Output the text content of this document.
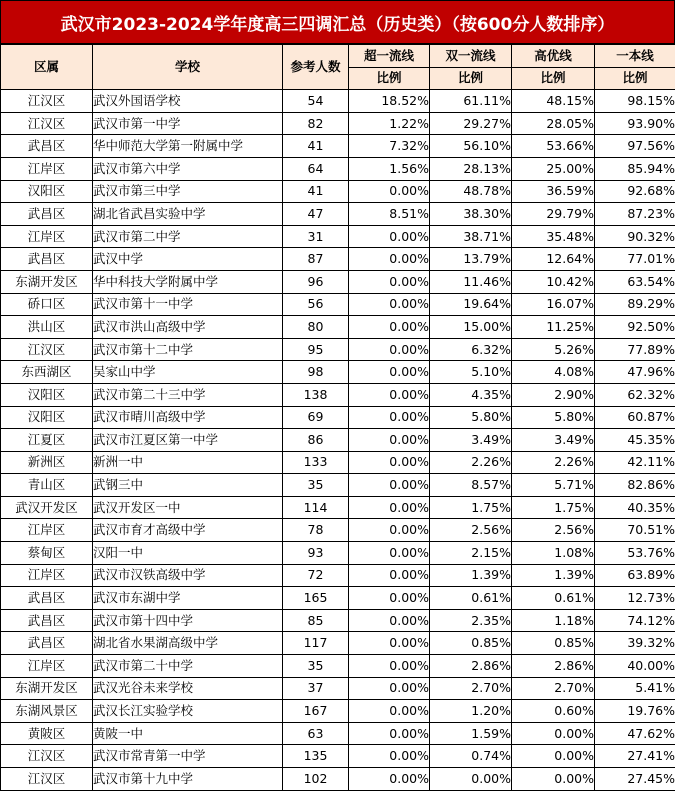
武汉市2023-2024学年度高三四调汇总（历史类）（按600分人数排序）
区属	学校	参考人数	超一流线	双一流线	高优线	一本线
			比例	比例	比例	比例
江汉区	武汉外国语学校	54	18.52%	61.11%	48.15%	98.15%
江汉区	武汉市第一中学	82	1.22%	29.27%	28.05%	93.90%
武昌区	华中师范大学第一附属中学	41	7.32%	56.10%	53.66%	97.56%
江岸区	武汉市第六中学	64	1.56%	28.13%	25.00%	85.94%
汉阳区	武汉市第三中学	41	0.00%	48.78%	36.59%	92.68%
武昌区	湖北省武昌实验中学	47	8.51%	38.30%	29.79%	87.23%
江岸区	武汉市第二中学	31	0.00%	38.71%	35.48%	90.32%
武昌区	武汉中学	87	0.00%	13.79%	12.64%	77.01%
东湖开发区	华中科技大学附属中学	96	0.00%	11.46%	10.42%	63.54%
硚口区	武汉市第十一中学	56	0.00%	19.64%	16.07%	89.29%
洪山区	武汉市洪山高级中学	80	0.00%	15.00%	11.25%	92.50%
江汉区	武汉市第十二中学	95	0.00%	6.32%	5.26%	77.89%
东西湖区	吴家山中学	98	0.00%	5.10%	4.08%	47.96%
汉阳区	武汉市第二十三中学	138	0.00%	4.35%	2.90%	62.32%
汉阳区	武汉市晴川高级中学	69	0.00%	5.80%	5.80%	60.87%
江夏区	武汉市江夏区第一中学	86	0.00%	3.49%	3.49%	45.35%
新洲区	新洲一中	133	0.00%	2.26%	2.26%	42.11%
青山区	武钢三中	35	0.00%	8.57%	5.71%	82.86%
武汉开发区	武汉开发区一中	114	0.00%	1.75%	1.75%	40.35%
江岸区	武汉市育才高级中学	78	0.00%	2.56%	2.56%	70.51%
蔡甸区	汉阳一中	93	0.00%	2.15%	1.08%	53.76%
江岸区	武汉市汉铁高级中学	72	0.00%	1.39%	1.39%	63.89%
武昌区	武汉市东湖中学	165	0.00%	0.61%	0.61%	12.73%
武昌区	武汉市第十四中学	85	0.00%	2.35%	1.18%	74.12%
武昌区	湖北省水果湖高级中学	117	0.00%	0.85%	0.85%	39.32%
江岸区	武汉市第二十中学	35	0.00%	2.86%	2.86%	40.00%
东湖开发区	武汉光谷未来学校	37	0.00%	2.70%	2.70%	5.41%
东湖风景区	武汉长江实验学校	167	0.00%	1.20%	0.60%	19.76%
黄陂区	黄陂一中	63	0.00%	1.59%	0.00%	47.62%
江汉区	武汉市常青第一中学	135	0.00%	0.74%	0.00%	27.41%
江汉区	武汉市第十九中学	102	0.00%	0.00%	0.00%	27.45%
